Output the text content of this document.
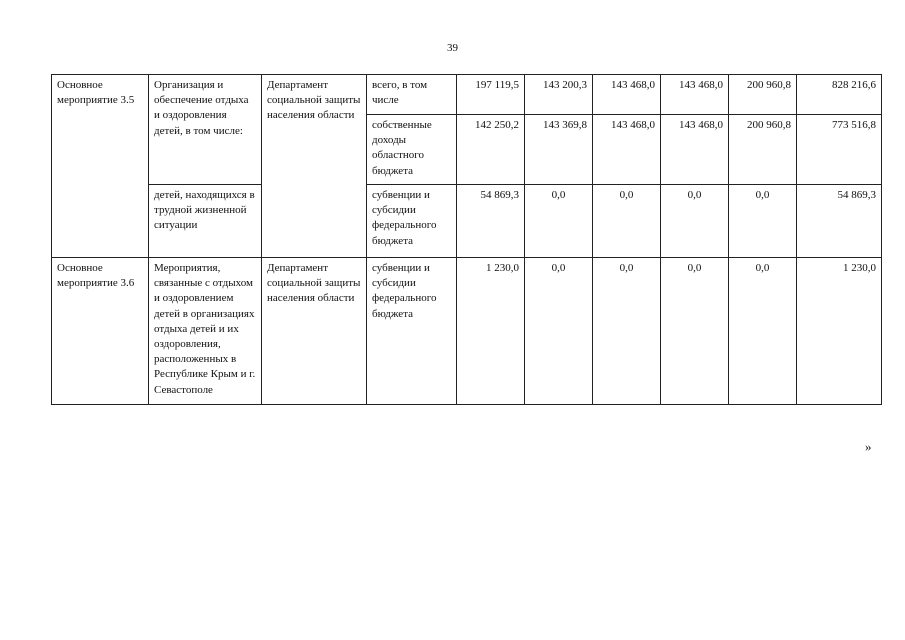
39
Основное мероприятие 3.5	Организация и обеспечение отдыха и оздоровления детей, в том числе:	Департамент социальной защиты населения области	всего, в том числе	197 119,5	143 200,3	143 468,0	143 468,0	200 960,8	828 216,6
			собственные доходы областного бюджета	142 250,2	143 369,8	143 468,0	143 468,0	200 960,8	773 516,8
	детей, находящихся в трудной жизненной ситуации		субвенции и субсидии федерального бюджета	54 869,3	0,0	0,0	0,0	0,0	54 869,3
Основное мероприятие 3.6	Мероприятия, связанные с отдыхом и оздоровлением детей в организациях отдыха детей и их оздоровления, расположенных в Республике Крым и г. Севастополе	Департамент социальной защиты населения области	субвенции и субсидии федерального бюджета	1 230,0	0,0	0,0	0,0	0,0	1 230,0
»
